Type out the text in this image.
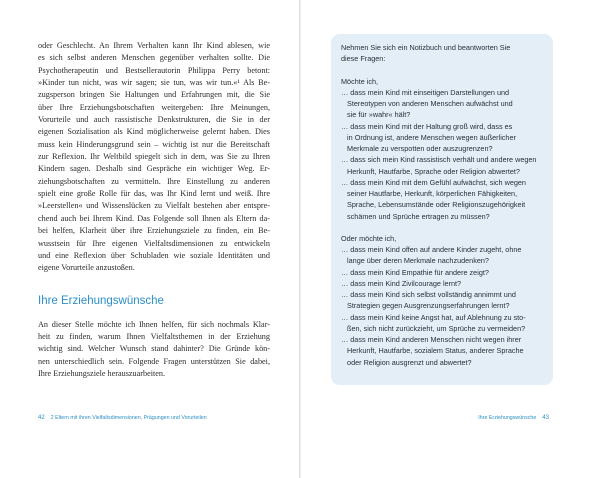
oder Geschlecht. An Ihrem Verhalten kann Ihr Kind ablesen, wie

es sich selbst anderen Menschen gegenüber verhalten sollte. Die

Psychotherapeutin und Bestsellerautorin Philippa Perry betont:

»Kinder tun nicht, was wir sagen; sie tun, was wir tun.«¹ Als Be-

zugsperson bringen Sie Haltungen und Erfahrungen mit, die Sie

über Ihre Erziehungsbotschaften weitergeben: Ihre Meinungen,

Vorurteile und auch rassistische Denkstrukturen, die Sie in der

eigenen Sozialisation als Kind möglicherweise gelernt haben. Dies

muss kein Hinderungsgrund sein – wichtig ist nur die Bereitschaft

zur Reflexion. Ihr Weltbild spiegelt sich in dem, was Sie zu Ihren

Kindern sagen. Deshalb sind Gespräche ein wichtiger Weg. Er-

ziehungsbotschaften zu vermitteln. Ihre Einstellung zu anderen

spielt eine große Rolle für das, was Ihr Kind lernt und weiß. Ihre

»Leerstellen« und Wissenslücken zu Vielfalt bestehen aber entspre-

chend auch bei Ihrem Kind. Das Folgende soll Ihnen als Eltern da-

bei helfen, Klarheit über ihre Erziehungsziele zu finden, ein Be-

wusstsein für Ihre eigenen Vielfaltsdimensionen zu entwickeln

und eine Reflexion über Schubladen wie soziale Identitäten und

eigene Vorurteile anzustoßen.

Ihre Erziehungswünsche

An dieser Stelle möchte ich Ihnen helfen, für sich nochmals Klar-

heit zu finden, warum Ihnen Vielfaltsthemen in der Erziehung

wichtig sind. Welcher Wunsch stand dahinter? Die Gründe kön-

nen unterschiedlich sein. Folgende Fragen unterstützen Sie dabei,

Ihre Erziehungsziele herauszuarbeiten.

Nehmen Sie sich ein Notizbuch und beantworten Sie

diese Fragen:

Möchte ich,

… dass mein Kind mit einseitigen Darstellungen und

Stereotypen von anderen Menschen aufwächst und

sie für »wahr« hält?

… dass mein Kind mit der Haltung groß wird, dass es

in Ordnung ist, andere Menschen wegen äußerlicher

Merkmale zu verspotten oder auszugrenzen?

… dass sich mein Kind rassistisch verhält und andere wegen

Herkunft, Hautfarbe, Sprache oder Religion abwertet?

… dass mein Kind mit dem Gefühl aufwächst, sich wegen

seiner Hautfarbe, Herkunft, körperlichen Fähigkeiten,

Sprache, Lebensumstände oder Religionszugehörigkeit

schämen und Sprüche ertragen zu müssen?

Oder möchte ich,

… dass mein Kind offen auf andere Kinder zugeht, ohne

lange über deren Merkmale nachzudenken?

… dass mein Kind Empathie für andere zeigt?

… dass mein Kind Zivilcourage lernt?

… dass mein Kind sich selbst vollständig annimmt und

Strategien gegen Ausgrenzungserfahrungen lernt?

… dass mein Kind keine Angst hat, auf Ablehnung zu sto-

ßen, sich nicht zurückzieht, um Sprüche zu vermeiden?

… dass mein Kind anderen Menschen nicht wegen ihrer

Herkunft, Hautfarbe, sozialem Status, anderer Sprache

oder Religion ausgrenzt und abwertet?

42 2 Eltern mit ihren Vielfaltsdimensionen, Prägungen und Vorurteilen	Ihre Erziehungswünsche 43
